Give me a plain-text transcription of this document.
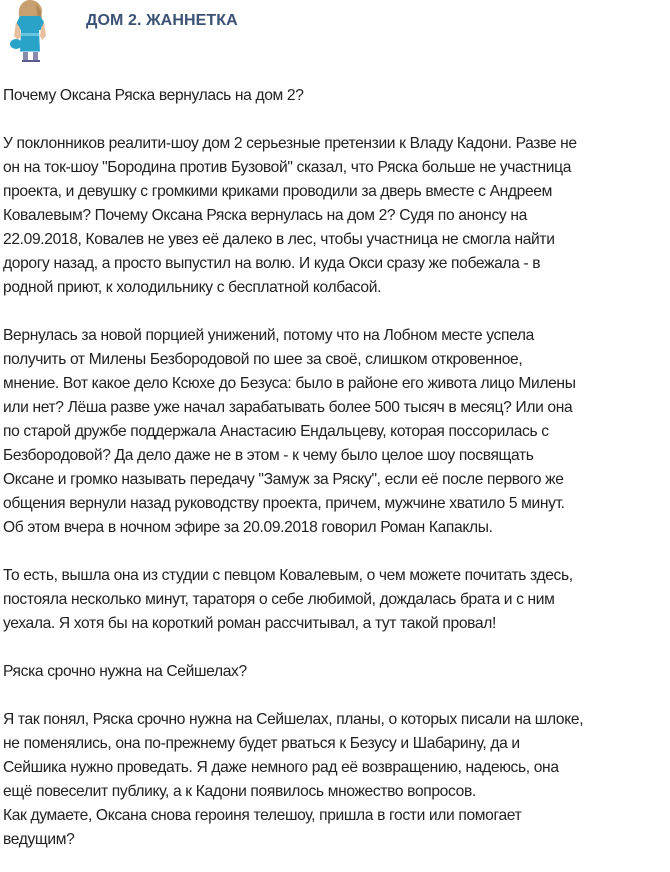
ДОМ 2. ЖАННЕТКА

Почему Оксана Ряска вернулась на дом 2?

У поклонников реалити-шоу дом 2 серьезные претензии к Владу Кадони. Разве не
он на ток-шоу "Бородина против Бузовой" сказал, что Ряска больше не участница
проекта, и девушку с громкими криками проводили за дверь вместе с Андреем
Ковалевым? Почему Оксана Ряска вернулась на дом 2? Судя по анонсу на
22.09.2018, Ковалев не увез её далеко в лес, чтобы участница не смогла найти
дорогу назад, а просто выпустил на волю. И куда Окси сразу же побежала - в
родной приют, к холодильнику с бесплатной колбасой.

Вернулась за новой порцией унижений, потому что на Лобном месте успела
получить от Милены Безбородовой по шее за своё, слишком откровенное,
мнение. Вот какое дело Ксюхе до Безуса: было в районе его живота лицо Милены
или нет? Лёша разве уже начал зарабатывать более 500 тысяч в месяц? Или она
по старой дружбе поддержала Анастасию Ендальцеву, которая поссорилась с
Безбородовой? Да дело даже не в этом - к чему было целое шоу посвящать
Оксане и громко называть передачу "Замуж за Ряску", если её после первого же
общения вернули назад руководству проекта, причем, мужчине хватило 5 минут.
Об этом вчера в ночном эфире за 20.09.2018 говорил Роман Капаклы.

То есть, вышла она из студии с певцом Ковалевым, о чем можете почитать здесь,
постояла несколько минут, тараторя о себе любимой, дождалась брата и с ним
уехала. Я хотя бы на короткий роман рассчитывал, а тут такой провал!

Ряска срочно нужна на Сейшелах?

Я так понял, Ряска срочно нужна на Сейшелах, планы, о которых писали на шлоке,
не поменялись, она по-прежнему будет рваться к Безусу и Шабарину, да и
Сейшика нужно проведать. Я даже немного рад её возвращению, надеюсь, она
ещё повеселит публику, а к Кадони появилось множество вопросов.
Как думаете, Оксана снова героиня телешоу, пришла в гости или помогает
ведущим?
